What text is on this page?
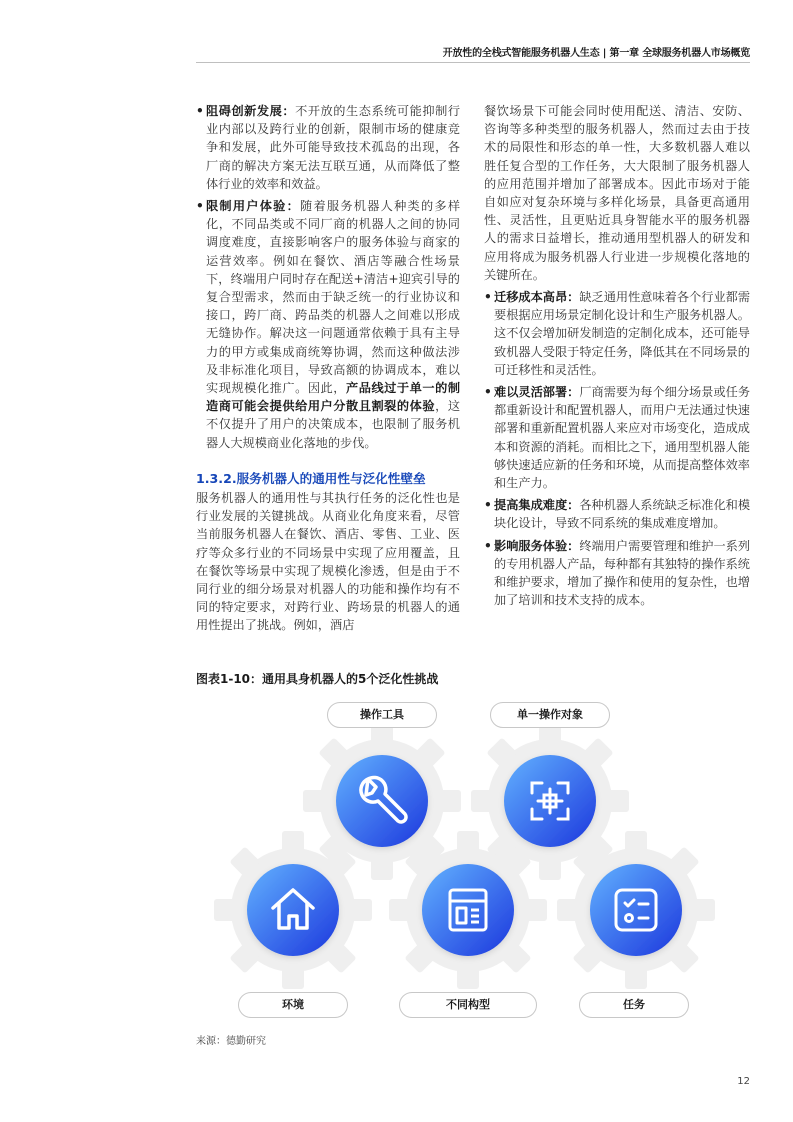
开放性的全栈式智能服务机器人生态 | 第一章 全球服务机器人市场概览
• 阻碍创新发展：不开放的生态系统可能抑制行业内部以及跨行业的创新，限制市场的健康竞争和发展，此外可能导致技术孤岛的出现，各厂商的解决方案无法互联互通，从而降低了整体行业的效率和效益。
• 限制用户体验：随着服务机器人种类的多样化，不同品类或不同厂商的机器人之间的协同调度难度，直接影响客户的服务体验与商家的运营效率。例如在餐饮、酒店等融合性场景下，终端用户同时存在配送+清洁+迎宾引导的复合型需求，然而由于缺乏统一的行业协议和接口，跨厂商、跨品类的机器人之间难以形成无缝协作。解决这一问题通常依赖于具有主导力的甲方或集成商统筹协调，然而这种做法涉及非标准化项目，导致高额的协调成本，难以实现规模化推广。因此，产品线过于单一的制造商可能会提供给用户分散且割裂的体验，这不仅提升了用户的决策成本，也限制了服务机器人大规模商业化落地的步伐。
1.3.2.服务机器人的通用性与泛化性壁垒
服务机器人的通用性与其执行任务的泛化性也是行业发展的关键挑战。从商业化角度来看，尽管当前服务机器人在餐饮、酒店、零售、工业、医疗等众多行业的不同场景中实现了应用覆盖，且在餐饮等场景中实现了规模化渗透，但是由于不同行业的细分场景对机器人的功能和操作均有不同的特定要求，对跨行业、跨场景的机器人的通用性提出了挑战。例如，酒店
餐饮场景下可能会同时使用配送、清洁、安防、咨询等多种类型的服务机器人，然而过去由于技术的局限性和形态的单一性，大多数机器人难以胜任复合型的工作任务，大大限制了服务机器人的应用范围并增加了部署成本。因此市场对于能自如应对复杂环境与多样化场景，具备更高通用性、灵活性，且更贴近具身智能水平的服务机器人的需求日益增长，推动通用型机器人的研发和应用将成为服务机器人行业进一步规模化落地的关键所在。
• 迁移成本高昂：缺乏通用性意味着各个行业都需要根据应用场景定制化设计和生产服务机器人。这不仅会增加研发制造的定制化成本，还可能导致机器人受限于特定任务，降低其在不同场景的可迁移性和灵活性。
• 难以灵活部署：厂商需要为每个细分场景或任务都重新设计和配置机器人，而用户无法通过快速部署和重新配置机器人来应对市场变化，造成成本和资源的消耗。而相比之下，通用型机器人能够快速适应新的任务和环境，从而提高整体效率和生产力。
• 提高集成难度：各种机器人系统缺乏标准化和模块化设计，导致不同系统的集成难度增加。
• 影响服务体验：终端用户需要管理和维护一系列的专用机器人产品，每种都有其独特的操作系统和维护要求，增加了操作和使用的复杂性，也增加了培训和技术支持的成本。
图表1-10：通用具身机器人的5个泛化性挑战
操作工具	单一操作对象
环境	不同构型	任务
来源：德勤研究
12
